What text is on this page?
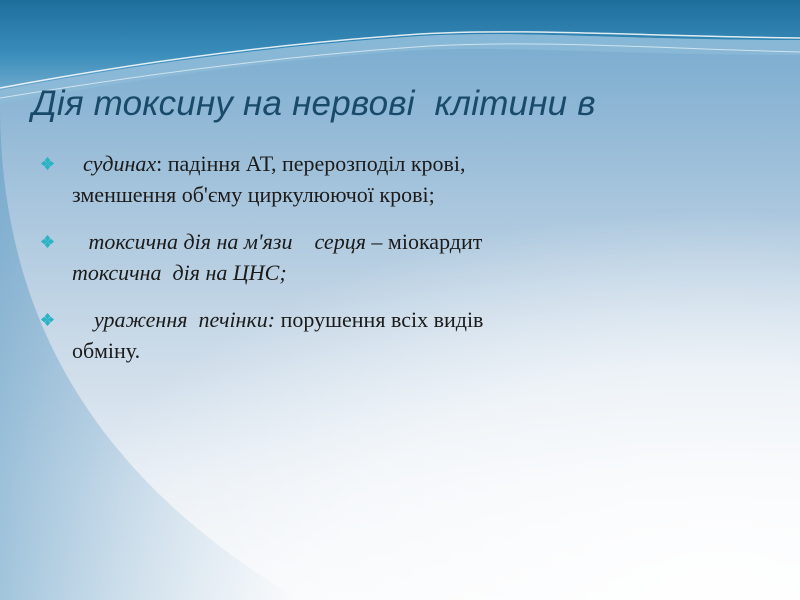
Дія токсину на нервові  клітини в
судинах: падіння АТ, перерозподіл крові,
зменшення об'єму циркулюючої крові;
токсична дія на м'язи    серця – міокардит
токсична  дія на ЦНС;
ураження  печінки: порушення всіх видів
обміну.
